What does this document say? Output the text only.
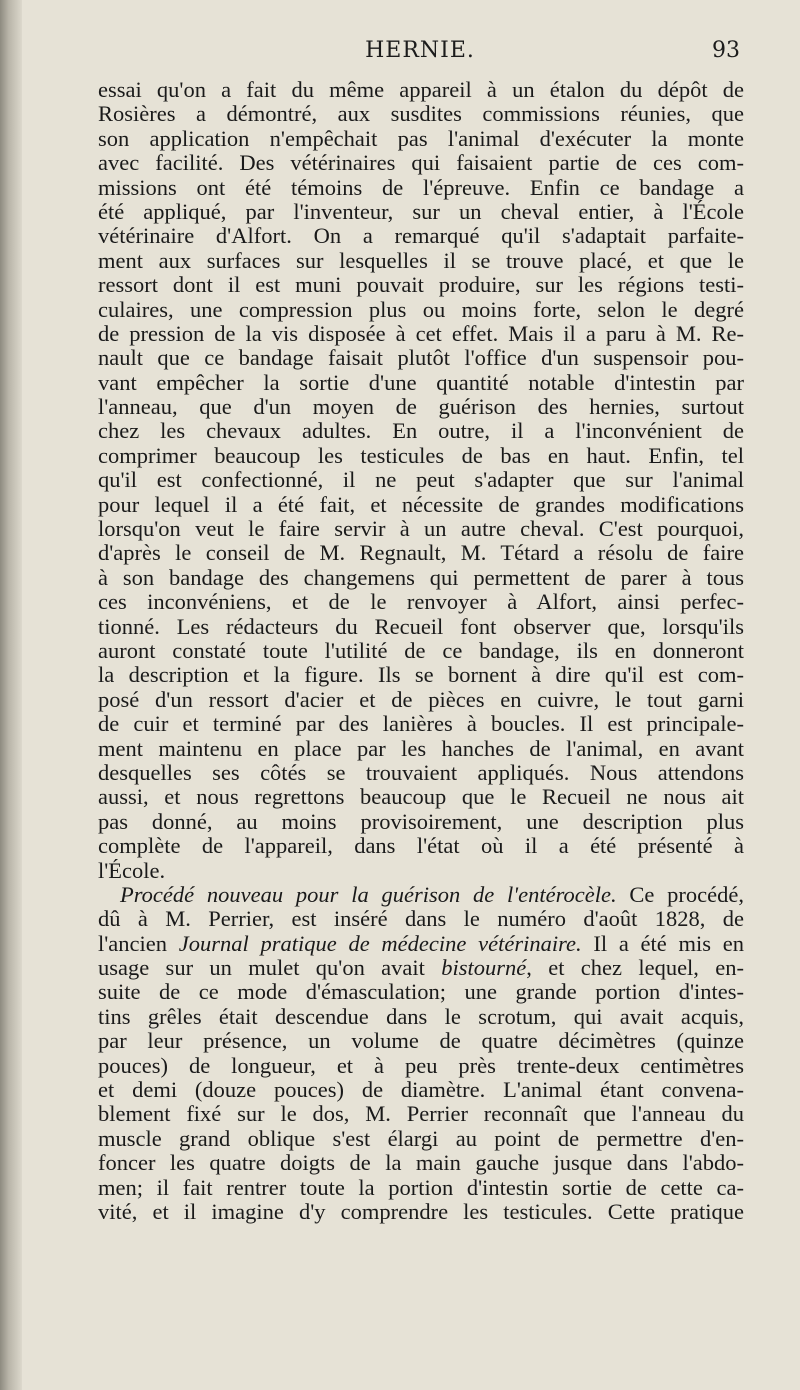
HERNIE.	93
essai qu'on a fait du même appareil à un étalon du dépôt de
Rosières a démontré, aux susdites commissions réunies, que
son application n'empêchait pas l'animal d'exécuter la monte
avec facilité. Des vétérinaires qui faisaient partie de ces com-
missions ont été témoins de l'épreuve. Enfin ce bandage a
été appliqué, par l'inventeur, sur un cheval entier, à l'École
vétérinaire d'Alfort. On a remarqué qu'il s'adaptait parfaite-
ment aux surfaces sur lesquelles il se trouve placé, et que le
ressort dont il est muni pouvait produire, sur les régions testi-
culaires, une compression plus ou moins forte, selon le degré
de pression de la vis disposée à cet effet. Mais il a paru à M. Re-
nault que ce bandage faisait plutôt l'office d'un suspensoir pou-
vant empêcher la sortie d'une quantité notable d'intestin par
l'anneau, que d'un moyen de guérison des hernies, surtout
chez les chevaux adultes. En outre, il a l'inconvénient de
comprimer beaucoup les testicules de bas en haut. Enfin, tel
qu'il est confectionné, il ne peut s'adapter que sur l'animal
pour lequel il a été fait, et nécessite de grandes modifications
lorsqu'on veut le faire servir à un autre cheval. C'est pourquoi,
d'après le conseil de M. Regnault, M. Tétard a résolu de faire
à son bandage des changemens qui permettent de parer à tous
ces inconvéniens, et de le renvoyer à Alfort, ainsi perfec-
tionné. Les rédacteurs du Recueil font observer que, lorsqu'ils
auront constaté toute l'utilité de ce bandage, ils en donneront
la description et la figure. Ils se bornent à dire qu'il est com-
posé d'un ressort d'acier et de pièces en cuivre, le tout garni
de cuir et terminé par des lanières à boucles. Il est principale-
ment maintenu en place par les hanches de l'animal, en avant
desquelles ses côtés se trouvaient appliqués. Nous attendons
aussi, et nous regrettons beaucoup que le Recueil ne nous ait
pas donné, au moins provisoirement, une description plus
complète de l'appareil, dans l'état où il a été présenté à
l'École.
Procédé nouveau pour la guérison de l'entérocèle. Ce procédé,
dû à M. Perrier, est inséré dans le numéro d'août 1828, de
l'ancien Journal pratique de médecine vétérinaire. Il a été mis en
usage sur un mulet qu'on avait bistourné, et chez lequel, en-
suite de ce mode d'émasculation; une grande portion d'intes-
tins grêles était descendue dans le scrotum, qui avait acquis,
par leur présence, un volume de quatre décimètres (quinze
pouces) de longueur, et à peu près trente-deux centimètres
et demi (douze pouces) de diamètre. L'animal étant convena-
blement fixé sur le dos, M. Perrier reconnaît que l'anneau du
muscle grand oblique s'est élargi au point de permettre d'en-
foncer les quatre doigts de la main gauche jusque dans l'abdo-
men; il fait rentrer toute la portion d'intestin sortie de cette ca-
vité, et il imagine d'y comprendre les testicules. Cette pratique
